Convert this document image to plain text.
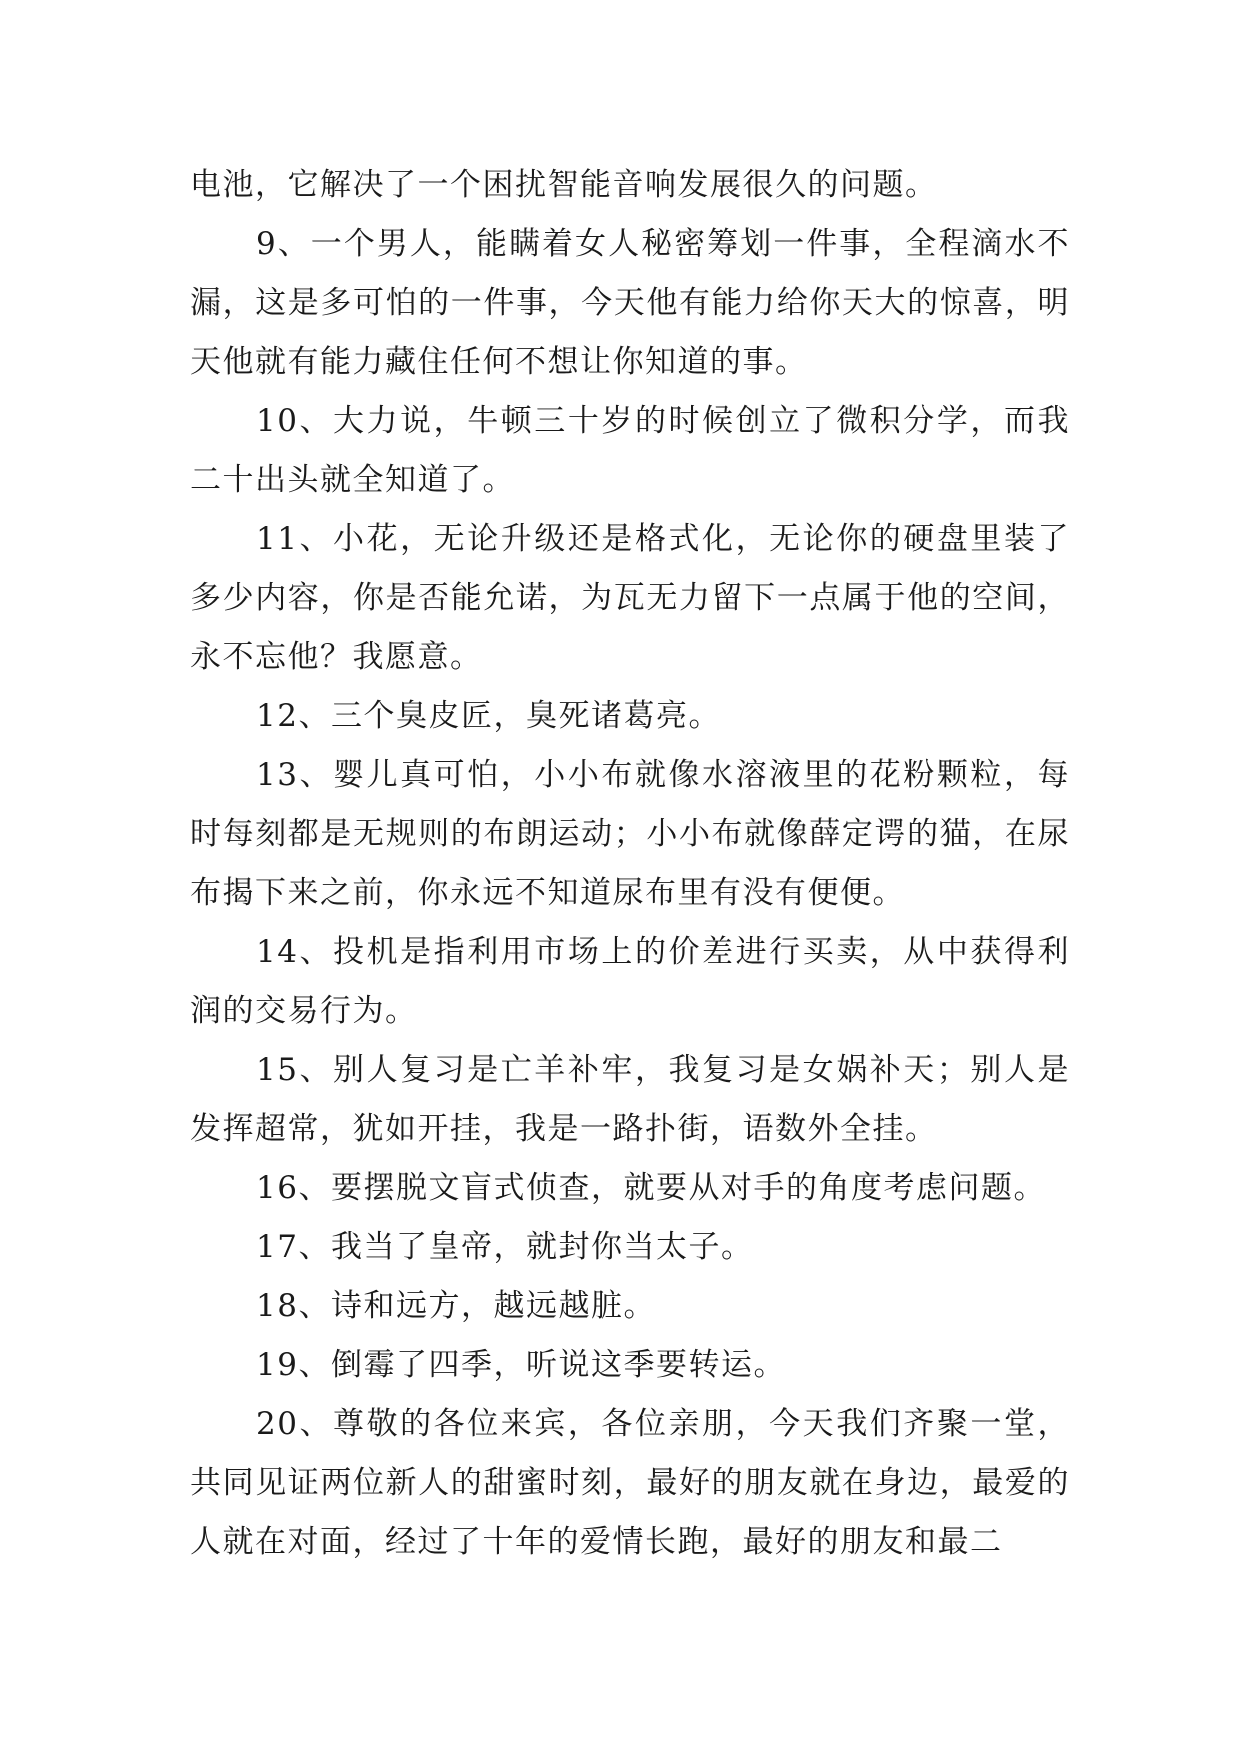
电池，它解决了一个困扰智能音响发展很久的问题。

9、一个男人，能瞒着女人秘密筹划一件事，全程滴水不漏，这是多可怕的一件事，今天他有能力给你天大的惊喜，明天他就有能力藏住任何不想让你知道的事。

10、大力说，牛顿三十岁的时候创立了微积分学，而我二十出头就全知道了。

11、小花，无论升级还是格式化，无论你的硬盘里装了多少内容，你是否能允诺，为瓦无力留下一点属于他的空间，永不忘他？我愿意。

12、三个臭皮匠，臭死诸葛亮。

13、婴儿真可怕，小小布就像水溶液里的花粉颗粒，每时每刻都是无规则的布朗运动；小小布就像薛定谔的猫，在尿布揭下来之前，你永远不知道尿布里有没有便便。

14、投机是指利用市场上的价差进行买卖，从中获得利润的交易行为。

15、别人复习是亡羊补牢，我复习是女娲补天；别人是发挥超常，犹如开挂，我是一路扑街，语数外全挂。

16、要摆脱文盲式侦查，就要从对手的角度考虑问题。

17、我当了皇帝，就封你当太子。

18、诗和远方，越远越脏。

19、倒霉了四季，听说这季要转运。

20、尊敬的各位来宾，各位亲朋，今天我们齐聚一堂，共同见证两位新人的甜蜜时刻，最好的朋友就在身边，最爱的人就在对面，经过了十年的爱情长跑，最好的朋友和最二
